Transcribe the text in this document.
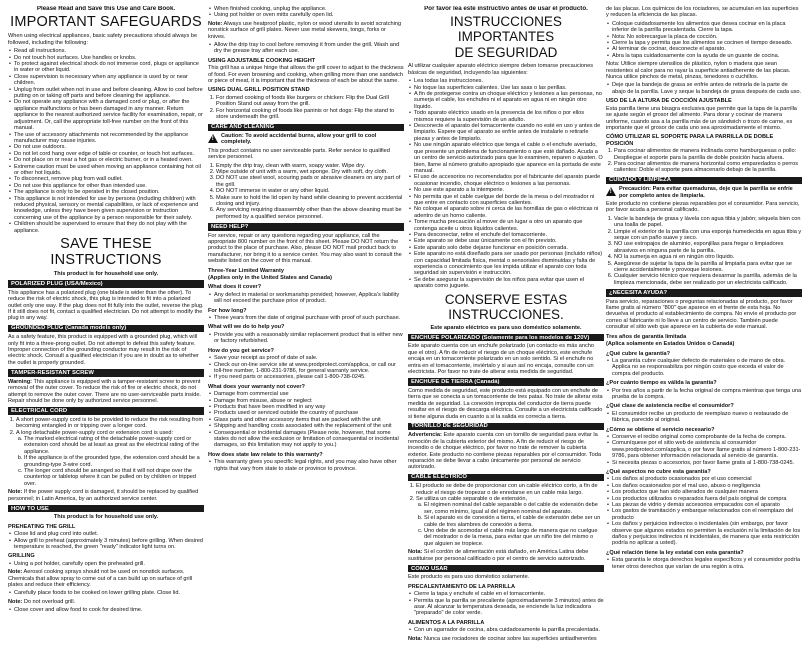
Please Read and Save this Use and Care Book.
IMPORTANT SAFEGUARDS

When using electrical appliances, basic safety precautions should always be followed, including the following:

• Read all instructions.
• Do not touch hot surfaces. Use handles or knobs.
• To protect against electrical shock do not immerse cord, plugs or appliance in water or other liquid.
• Close supervision is necessary when any appliance is used by or near children.
• Unplug from outlet when not in use and before cleaning. Allow to cool before putting on or taking off parts and before cleaning the appliance.
• Do not operate any appliance with a damaged cord or plug, or after the appliance malfunctions or has been damaged in any manner. Return appliance to the nearest authorized service facility for examination, repair, or adjustment. Or, call the appropriate toll-free number on the front of this manual.
• The use of accessory attachments not recommended by the appliance manufacturer may cause injuries.
• Do not use outdoors.
• Do not let cord hang over edge of table or counter, or touch hot surfaces.
• Do not place on or near a hot gas or electric burner, or in a heated oven.
• Extreme caution must be used when moving an appliance containing hot oil or other hot liquids.
• To disconnect, remove plug from wall outlet.
• Do not use this appliance for other than intended use.
• The appliance is only to be operated in the closed position.
• This appliance is not intended for use by persons (including children) with reduced physical, sensory or mental capabilities, or lack of experience and knowledge, unless they have been given supervision or instruction concerning use of the appliance by a person responsible for their safety.
• Children should be supervised to ensure that they do not play with the appliance.
SAVE THESE INSTRUCTIONS
This product is for household use only.
POLARIZED PLUG (USA/Mexico)

This appliance has a polarized plug (one blade is wider than the other). To reduce the risk of electric shock, this plug is intended to fit into a polarized outlet only one way. If the plug does not fit fully into the outlet, reverse the plug. If it still does not fit, contact a qualified electrician. Do not attempt to modify the plug in any way.

GROUNDED PLUG (Canada models only)

As a safety feature, this product is equipped with a grounded plug, which will only fit into a three-prong outlet. Do not attempt to defeat this safety feature. Improper connection of the grounding conductor may result in the risk of electric shock. Consult a qualified electrician if you are in doubt as to whether the outlet is properly grounded.

TAMPER-RESISTANT SCREW

Warning: This appliance is equipped with a tamper-resistant screw to prevent removal of the outer cover. To reduce the risk of fire or electric shock, do not attempt to remove the outer cover. There are no user-serviceable parts inside. Repair should be done only by authorized service personnel.

ELECTRICAL CORD
1. A short power-supply cord is to be provided to reduce the risk resulting from becoming entangled in or tripping over a longer cord.
2. A long detachable power-supply cord or extension cord is used:
a. The marked electrical rating of the detachable power-supply cord or extension cord should be at least as great as the electrical rating of the appliance.
b. If the appliance is of the grounded type, the extension cord should be a grounding-type 3-wire cord.
c. The longer cord should be arranged so that it will not drape over the countertop or tabletop where it can be pulled on by children or tripped over.

Note: If the power supply cord is damaged, it should be replaced by qualified personnel; in Latin America, by an authorized service center.

HOW TO USE
This product is for household use only.
PREHEATING THE GRILL
• Close lid and plug cord into outlet.
• Allow grill to preheat (approximately 3 minutes) before grilling. When desired temperature is reached, the green "ready" indicator light turns on.
GRILLING
• Using a pot holder, carefully open the preheated grill.

Note: Aerosol cooking sprays should not be used on nonstick surfaces. Chemicals that allow spray to come out of a can build up on surface of grill plates and reduce their efficiency.

• Carefully place foods to be cooked on lower grilling plate. Close lid.

Note: Do not overload grill.

• Close cover and allow food to cook for desired time.
• When finished cooking, unplug the appliance.
• Using pot holder or oven mitts carefully open lid.

Note: Always use heatproof plastic, nylon or wood utensils to avoid scratching nonstick surface of grill plates. Never use metal skewers, tongs, forks or knives.

• Allow the drip tray to cool before removing it from under the grill. Wash and dry the grease tray after each use.
USING ADJUSTABLE COOKING HEIGHT

This grill has a unique hinge that allows the grill cover to adjust to the thickness of food. For even browning and cooking, when grilling more than one sandwich or piece of meat, it is important that the thickness of each be about the same.

USING DUAL GRILL POSITION STAND
1. For domed cooking of foods like burgers or chicken: Flip the Dual Grill Position Stand out away from the grill.
2. For horizontal cooking of foods like paninis or hot dogs: Flip the stand to store underneath the grill.
CARE AND CLEANING
!
Caution: To avoid accidental burns, allow your grill to cool completely.

This product contains no user serviceable parts. Refer service to qualified service personnel.

1. Empty the drip tray, clean with warm, soapy water. Wipe dry.
2. Wipe outside of unit with a warm, wet sponge. Dry with soft, dry cloth.
3. DO NOT use steel wool, scouring pads or abrasive cleaners on any part of the grill.
4. DO NOT immerse in water or any other liquid.
5. Make sure to hold the lid open by hand while cleaning to prevent accidental closing and injury.
6. Any servicing requiring disassembly other than the above cleaning must be performed by a qualified service personnel.
NEED HELP?

For service, repair or any questions regarding your appliance, call the appropriate 800 number on the front of this sheet. Please DO NOT return the product to the place of purchase. Also, please DO NOT mail product back to manufacturer, nor bring it to a service center. You may also want to consult the website listed on the cover of this manual.

Three-Year Limited Warranty
(Applies only in the United States and Canada)
What does it cover?
• Any defect in material or workmanship provided; however, Applica's liability will not exceed the purchase price of product.
For how long?
• Three years from the date of original purchase with proof of such purchase.
What will we do to help you?
• Provide you with a reasonably similar replacement product that is either new or factory refurbished.
How do you get service?
• Save your receipt as proof of date of sale.
• Check our on-line service site at www.prodprotect.com/applica, or call our toll-free number, 1-800-231-9786, for general warranty service.
• If you need parts or accessories, please call 1-800-738-0245.
What does your warranty not cover?
• Damage from commercial use
• Damage from misuse, abuse or neglect
• Products that have been modified in any way
• Products used or serviced outside the country of purchase
• Glass parts and other accessory items that are packed with the unit
• Shipping and handling costs associated with the replacement of the unit
• Consequential or incidental damages (Please note, however, that some states do not allow the exclusion or limitation of consequential or incidental damages, so this limitation may not apply to you.)
How does state law relate to this warranty?
• This warranty gives you specific legal rights, and you may also have other rights that vary from state to state or province to province.
Por favor lea este instructivo antes de usar el producto.
INSTRUCCIONES IMPORTANTES
DE SEGURIDAD

Al utilizar cualquier aparato eléctrico siempre deben tomarse precauciones básicas de seguridad, incluyendo las siguientes:

• Lea todas las instrucciones.
• No toque las superficies calientes. Use las asas o las perillas.
• A fin de protegerse contra un choque eléctrico y lesiones a las personas, no sumerja el cable, los enchufes ni el aparato en agua ni en ningún otro líquido.
• Todo aparato eléctrico usado en la presencia de los niños o por ellos mismos requiere la supervisión de un adulto.
• Desconecte el aparato del tomacorriente cuando no esté en uso y antes de limpiarlo. Espere que el aparato se enfríe antes de instalarle o retirarle piezas y antes de limpiarlo.
• No use ningún aparato eléctrico que tenga el cable o el enchufe averiado, que presente un problema de funcionamiento o que esté dañado. Acuda a un centro de servicio autorizado para que lo examinen, reparen o ajusten. O bien, llame al número gratuito apropiado que aparece en la portada de este manual.
• El uso de accesorios no recomendados por el fabricante del aparato puede ocasionar incendio, choque eléctrico o lesiones a las personas.
• No use este aparato a la intemperie.
• No permita que el cable cuelgue del borde de la mesa o del mostrador ni que entre en contacto con superficies calientes.
• No coloque el aparato sobre ni cerca de las hornillas de gas o eléctricas ni adentro de un horno caliente.
• Tome mucha precaución al mover de un lugar a otro un aparato que contenga aceite u otros líquidos calientes.
• Para desconectar, retire el enchufe del tomacorriente.
• Este aparato se debe usar únicamente con el fin previsto.
• Este aparato solo debe dejarse funcionar en posición cerrada.
• Este aparato no está diseñado para ser usado por personas (incluido niños) con capacidad limitada física, mental o sensoriales disminuidas y falta de experiencia o conocimiento que les impida utilizar el aparato con toda seguridad sin supervisión e instrucción.
• Se debe asegurar la supervisión de los niños para evitar que usen el aparato como juguete.
CONSERVE ESTAS INSTRUCCIONES.
Este aparato eléctrico es para uso doméstico solamente.
ENCHUFE POLARIZADO (Solamente para los modelos de 120V)

Este aparato cuenta con un enchufe polarizado (un contacto es más ancho que el otro). A fin de reducir el riesgo de un choque eléctrico, este enchufe encaja en un tomacorriente polarizado en un solo sentido. Si el enchufe no entra en el tomacorriente, inviértalo y si aun así no encaja, consulte con un electricista. Por favor no trate de alterar esta medida de seguridad.

ENCHUFE DE TIERRA (Canadá)

Como medida de seguridad, este producto está equipado con un enchufe de tierra que se conecta a un tomacorriente de tres patas. No trate de alterar esta medida de seguridad. La conexión impropia del conductor de tierra puede resultar en el riesgo de descarga eléctrica. Consulte a un electricista calificado si tiene alguna duda en cuanto a si la salida es correcta a tierra.

TORNILLO DE SEGURIDAD

Advertencia: Este aparato cuenta con un tornillo de seguridad para evitar la remoción de la cubierta exterior del mismo. A fin de reducir el riesgo de incendio o de choque eléctrico, por favor no trate de remover la cubierta exterior. Este producto no contiene piezas reparables por el consumidor. Toda reparación se debe llevar a cabo únicamente por personal de servicio autorizado.

CABLE ELÉCTRICO
1. El producto se debe de proporcionar con un cable eléctrico corto, a fin de reducir el riesgo de tropezar o de enredarse en un cable más largo.
2. Se utiliza un cable separable o de extensión,
a. El régimen nominal del cable separable o del cable de extensión debe ser, como mínimo, igual al del régimen nominal del aparato.
b. Si el aparato es de conexión a tierra, el cable de extensión debe ser un cable de tres alambres de conexión a tierra.
c. Uno debe de acomodar el cable más largo de manera que no cuelgue del mostrador o de la mesa, para evitar que un niño tire del mismo o que alguien se tropiece.

Nota: Si el cordón de alimentación está dañado, en América Latina debe sustituirse por personal calificado o por el centro de servicio autorizado.

COMO USAR

Este producto es para uso doméstico solamente.

PRECALENTAMIENTO DE LA PARRILLA
• Cierre la tapa y enchufe el cable en el tomacorriente.
• Permita que la parrilla se precaliente (aproximadamente 3 minutos) antes de asar. Al alcanzar la temperatura deseada, se enciende la luz indicadora "preparado" de color verde.
ALIMENTOS A LA PARRILLA
• Con un agarrador de cocina, abra cuidadosamente la parrilla precalentada.

Nota: Nunca use rociadores de cocinar sobre las superficies antiadherentes

de las placas. Los químicos de los rociadores, se acumulan en las superficies y reducen la eficiencia de las placas.

• Coloque cuidadosamente los alimentos que desea cocinar en la placa inferior de la parrilla precalentada. Cierre la tapa.
• Nota: No sobrecargue la placa de cocción.
• Cierre la tapa y permita que los alimentos se cocinen el tiempo deseado.
• Al terminar de cocinar, desconecte el aparato.
• Abra la tapa cuidadosamente con la ayuda de un guante de cocina.

Nota: Utilice siempre utensilios de plástico, nylon o madera que sean resistentes al calor para no rayar la superficie antiadherente de las placas. Nunca utilice pinchos de metal, pinzas, tenedores o cuchillos.

• Deje que la bandeja de grasa se enfríe antes de retirarla de la parte de abajo de la parrilla. Lave y seque la bandeja de grasa después de cada uso.
USO DE LA ALTURA DE COCCIÓN AJUSTABLE

Esta parrilla tiene una bisagra exclusiva que permite que la tapa de la parrilla se ajuste según el grosor del alimento. Para dorar y cocinar de manera uniforme, cuando asa a la parrilla más de un sándwich o trozo de carne, es importante que el grosor de cada uno sea aproximadamente el mismo.

CÓMO UTILIZAR EL SOPORTE PARA LA PARRILLA DE DOBLE POSICIÓN
1. Para cocinar alimentos de manera inclinada como hamburguesas o pollo: Despliegue el soporte para la parrilla de doble posición hacia afuera.
2. Para cocinar alimentos de manera horizontal como emparedados o perros calientes: Doble el soporte para almacenarlo debajo de la parrilla.
CUIDADO Y LIMPIEZA
!
Precaución: Para evitar quemaduras, deje que la parrilla se enfríe por completo antes de limpiarla.

Este producto no contiene piezas reparables por el consumidor. Para servicio, por favor acuda a personal calificado.

1. Vacíe la bandeja de grasa y lávela con agua tibia y jabón; séquela bien con una toalla de papel.
2. Limpie el exterior de la parrilla con una esponja humedecida en agua tibia y seque con un paño suave y seco.
3. NO use estropajos de aluminio, esponjillas para fregar o limpiadores abrasivos en ninguna parte de la parrilla.
4. NO la sumerja en agua ni en ningún otro líquido.
5. Asegúrese de sujetar la tapa de la parrilla al limpiarla para evitar que se cierre accidentalmente y provoque lesiones.
6. Cualquier servicio técnico que requiera desarmar la parrilla, además de la limpieza mencionada, debe ser realizado por un electricista calificado.
¿NECESITA AYUDA?

Para servicio, reparaciones o preguntas relacionadas al producto, por favor llame gratis al número "800" que aparece en el frente de esta hoja. No devuelva el producto al establecimiento de compra. No envíe el producto por correo al fabricante ni lo lleve a un centro de servicio. También puede consultar el sitio web que aparece en la cubierta de este manual.

Tres años de garantía limitada
(Aplica solamente en Estados Unidos o Canadá)
¿Qué cubre la garantía?
• La garantía cubre cualquier defecto de materiales o de mano de obra. Applica no se responsabiliza por ningún costo que exceda el valor de compra del producto.
¿Por cuánto tiempo es válida la garantía?
• Por tres años a partir de la fecha original de compra mientras que tenga una prueba de la compra.
¿Qué clase de asistencia recibe el consumidor?
• El consumidor recibe un producto de reemplazo nuevo o restaurado de fábrica, parecido al original.
¿Cómo se obtiene el servicio necesario?
• Conserve el recibo original como comprobante de la fecha de compra.
• Comuníquese por el sitio web de asistencia al consumidor www.prodprotect.com/applica, o por favor llame gratis al número 1-800-231-9786, para obtener información relacionada al servicio de garantía.
• Si necesita piezas o accesorios, por favor llame gratis al 1-800-738-0245.
¿Qué aspectos no cubre esta garantía?
• Los daños al producto ocasionados por el uso comercial
• Los daños ocasionados por el mal uso, abuso o negligencia
• Los productos que han sido alterados de cualquier manera
• Los productos utilizados o reparados fuera del país original de compra
• Las piezas de vidrio y demás accesorios empacados con el aparato
• Los gastos de tramitación y embarque relacionados con el reemplazo del producto
• Los daños y perjuicios indirectos o incidentales (sin embargo, por favor observe que algunos estados no permiten la exclusión ni la limitación de los daños y perjuicios indirectos ni incidentales, de manera que esta restricción podría no aplicar a usted).
¿Qué relación tiene la ley estatal con esta garantía?
• Esta garantía le otorga derechos legales específicos y el consumidor podría tener otros derechos que varían de una región a otra.
